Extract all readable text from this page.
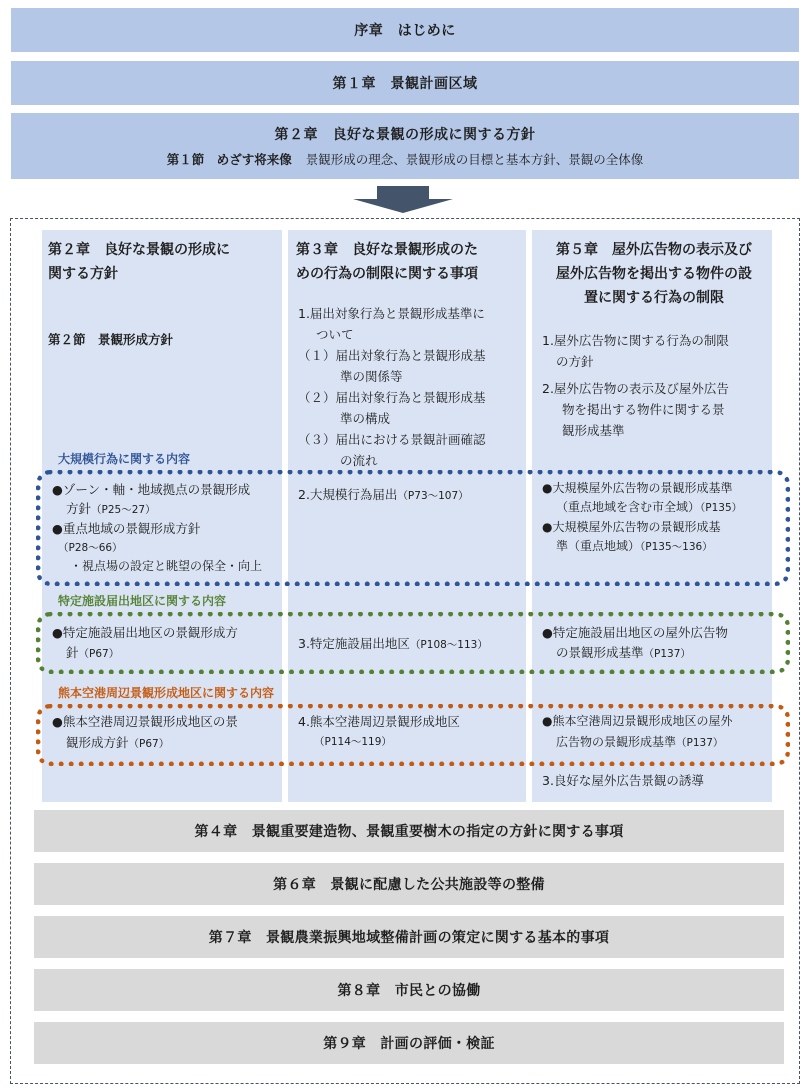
序章　はじめに
第１章　景観計画区域
第２章　良好な景観の形成に関する方針
第１節　めざす将来像 景観形成の理念、景観形成の目標と基本方針、景観の全体像
第２章　良好な景観の形成に
関する方針
第３章　良好な景観形成のた
めの行為の制限に関する事項
第５章　屋外広告物の表示及び
屋外広告物を掲出する物件の設
置に関する行為の制限
第２節　景観形成方針
1.届出対象行為と景観形成基準に
ついて
（１）届出対象行為と景観形成基
準の関係等
（２）届出対象行為と景観形成基
準の構成
（３）届出における景観計画確認
の流れ
1.屋外広告物に関する行為の制限
の方針
2.屋外広告物の表示及び屋外広告
物を掲出する物件に関する景
観形成基準
大規模行為に関する内容
●ゾーン・軸・地域拠点の景観形成
方針（P25～27）
●重点地域の景観形成方針
（P28～66）
・視点場の設定と眺望の保全・向上
2.大規模行為届出（P73～107）
●大規模屋外広告物の景観形成基準
（重点地域を含む市全域）（P135）
●大規模屋外広告物の景観形成基
準（重点地域）（P135～136）
特定施設届出地区に関する内容
●特定施設届出地区の景観形成方
針（P67）
3.特定施設届出地区（P108～113）
●特定施設届出地区の屋外広告物
の景観形成基準（P137）
熊本空港周辺景観形成地区に関する内容
●熊本空港周辺景観形成地区の景
観形成方針（P67）
4.熊本空港周辺景観形成地区
（P114～119）
●熊本空港周辺景観形成地区の屋外
広告物の景観形成基準（P137）
3.良好な屋外広告景観の誘導
第４章　景観重要建造物、景観重要樹木の指定の方針に関する事項
第６章　景観に配慮した公共施設等の整備
第７章　景観農業振興地域整備計画の策定に関する基本的事項
第８章　市民との協働
第９章　計画の評価・検証
